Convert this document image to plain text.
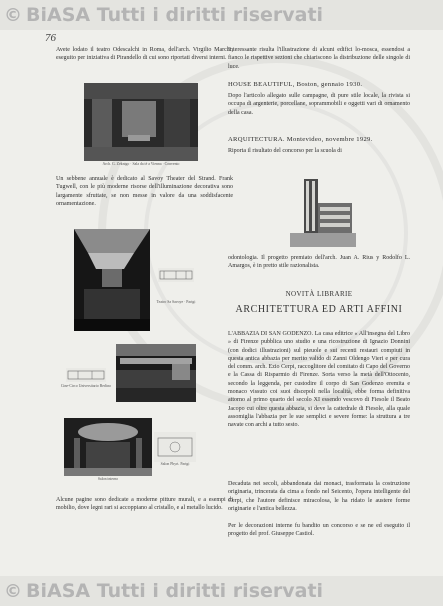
© BiASA Tutti i diritti riservati
76

Avete lodato il teatro Odescalchi in Roma, dell'arch. Virgilio Marchi, eseguito per iniziativa di Pirandello di cui sono riportati diversi interni.

Arch. G. Zeknigo · Sala da tè a Vienna · Convento

Un sebbene annuale è dedicato al Savoy Theater del Strand. Frank Tugwell, con le più moderne risorse dell'illuminazione decorativa sono largamente sfruttate, se non messe in valore da una soddisfacente ornamentazione.

Teatro Sa Savoye · Parigi
Cine-Circo Universitario Berlino
Salon Phyrt. Parigi
Salon interno

Alcune pagine sono dedicate a moderne pitture murali, e a esempi di mobilio, dove legni rari si accoppiano al cristallo, e al metallo lucido.

Interessante risulta l'illustrazione di alcuni edifici lo-mosca, essendosi a fianco le rispettive sezioni che chiariscono la distribuzione delle singole di luce.

HOUSE BEAUTIFUL, Boston, gennaio 1930.

Dopo l'articolo allegato sulle campagne, di pure stile locale, la rivista si occupa di argenterie, porcellane, soprammobili e oggetti vari di ornamento della casa.

ARQUITECTURA. Montevideo, novembre 1929.

Riporta il risultato del concorso per la scuola di

odontologia. Il progetto premiato dell'arch. Juan A. Rius y Rodolfo L. Amargos, è in pretto stile razionalista.

NOVITÀ LIBRARIE
ARCHITETTURA ED ARTI AFFINI

L'ABBAZIA DI SAN GODENZO. La casa editrice « All'insegna del Libro » di Firenze pubblica uno studio e una ricostruzione di Ignazio Donnini (con dodici illustrazioni) sul pieuole e sui recenti restauri compiuti in questa antica abbazia per merito valido di Zanni Oldengo Vieri e per cura del comm. arch. Ezio Cerpi, raccoglitore del comitato di Capo del Governo e la Cassa di Risparmio di Firenze. Sorta verso la metà dell'Ottocento, secondo la leggenda, per custodire il corpo di San Godenzo eremita e monaco vissuto coi suoi discepoli nella località, ebbe forma definitiva attorno al primo quarto del secolo XI essendo vescovo di Fiesole il Beato Jacopo cui oltre questa abbazia, si deve la cattedrale di Fiesole, alla quale assomiglia l'abbazia per le sue semplici e severe forme: la struttura a tre navate con archi a tutto sesto.

Decaduta nei secoli, abbandonata dai monaci, trasformata la costruzione originaria, trincerata da cima a fondo nel Seicento, l'opera intelligente del Cerpi, che l'autore definisce miracolosa, le ha ridato le austere forme originarie e l'antica bellezza.

Per le decorazioni interne fu bandito un concorso e se ne ed eseguito il progetto del prof. Giuseppe Castiol.

© BiASA Tutti i diritti riservati
